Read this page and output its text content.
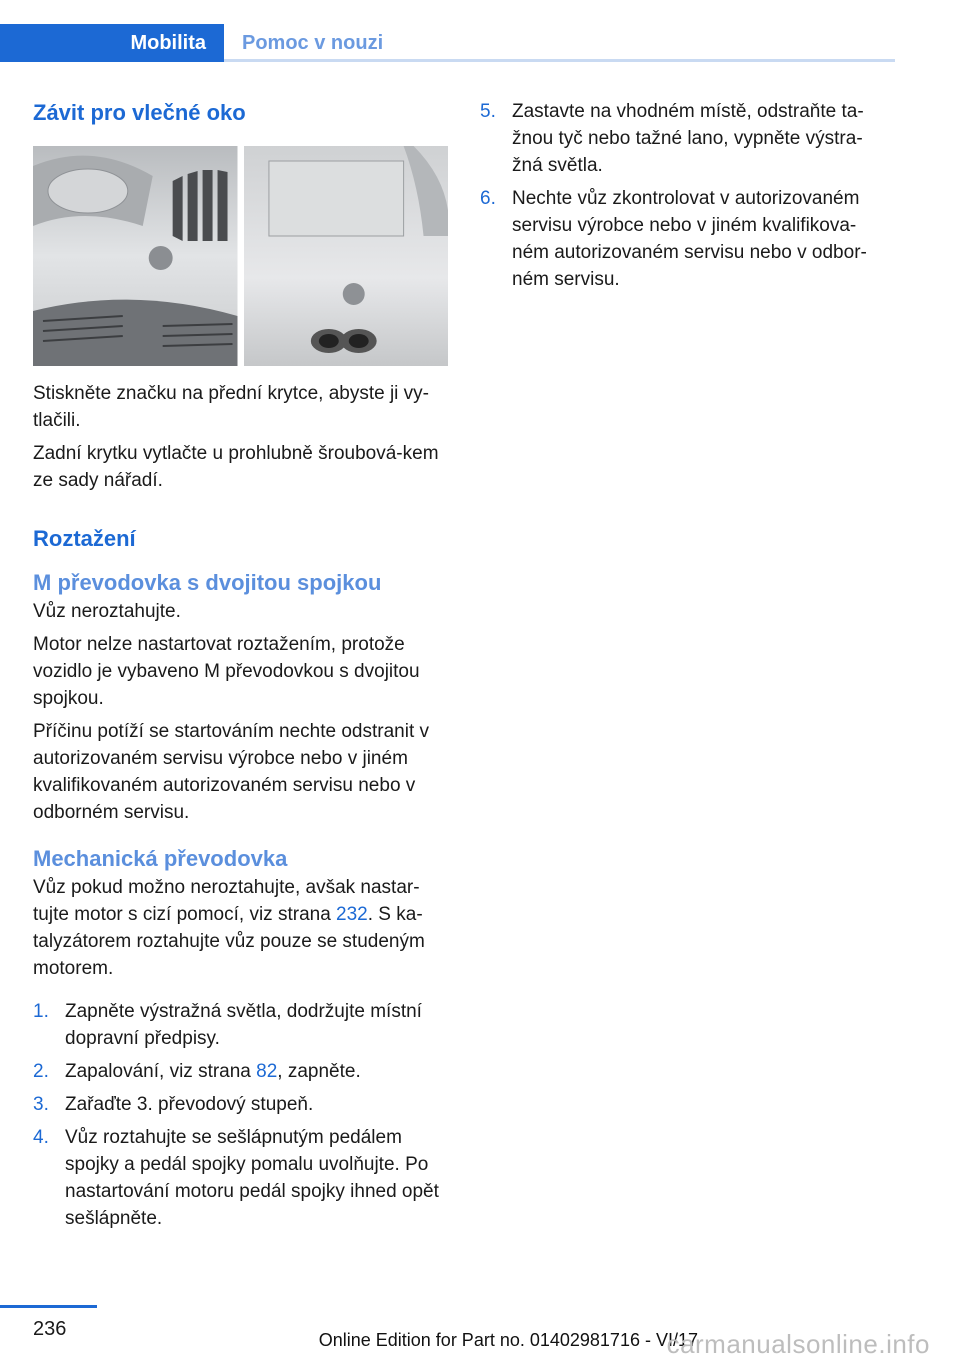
Mobilita	Pomoc v nouzi
Závit pro vlečné oko

Stiskněte značku na přední krytce, abyste ji vy‐tlačili.

Zadní krytku vytlačte u prohlubně šroubová‐kem ze sady nářadí.

Roztažení
M převodovka s dvojitou spojkou

Vůz neroztahujte.

Motor nelze nastartovat roztažením, protože vozidlo je vybaveno M převodovkou s dvojitou spojkou.

Příčinu potíží se startováním nechte odstranit v autorizovaném servisu výrobce nebo v jiném kvalifikovaném autorizovaném servisu nebo v odborném servisu.

Mechanická převodovka

Vůz pokud možno neroztahujte, avšak nastar‐tujte motor s cizí pomocí, viz strana 232. S ka‐talyzátorem roztahujte vůz pouze se studeným motorem.

1. Zapněte výstražná světla, dodržujte místní dopravní předpisy.
2. Zapalování, viz strana 82, zapněte.
3. Zařaďte 3. převodový stupeň.
4. Vůz roztahujte se sešlápnutým pedálem spojky a pedál spojky pomalu uvolňujte. Po nastartování motoru pedál spojky ihned opět sešlápněte.
5. Zastavte na vhodném místě, odstraňte ta‐žnou tyč nebo tažné lano, vypněte výstra‐žná světla.
6. Nechte vůz zkontrolovat v autorizovaném servisu výrobce nebo v jiném kvalifikova‐ném autorizovaném servisu nebo v odbor‐ném servisu.
236	Online Edition for Part no. 01402981716 - VI/17
carmanualsonline.info
